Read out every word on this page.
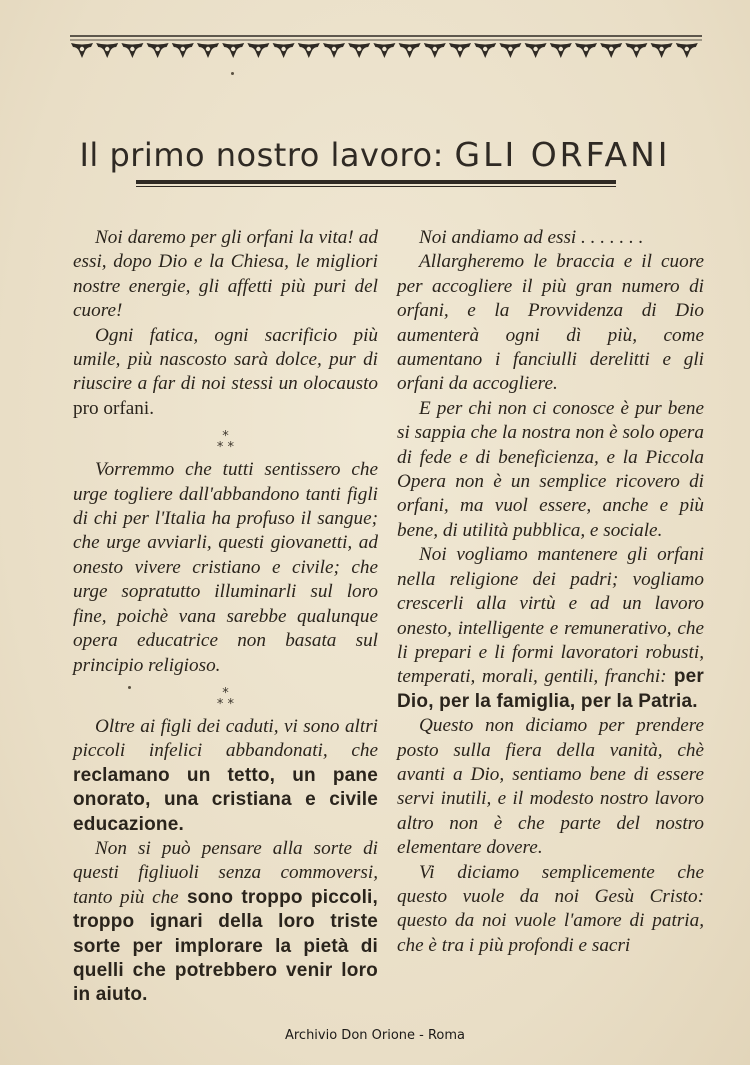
Il primo nostro lavoro: GLI ORFANI

Noi daremo per gli orfani la vita! ad essi, dopo Dio e la Chiesa, le migliori nostre energie, gli affetti più puri del cuore!

Ogni fatica, ogni sacrificio più umile, più nascosto sarà dolce, pur di riuscire a far di noi stessi un olocausto pro orfani.

*
* *

Vorremmo che tutti sentissero che urge togliere dall'abbandono tanti figli di chi per l'Italia ha profuso il sangue; che urge avviarli, questi giovanetti, ad onesto vivere cristiano e civile; che urge sopratutto illuminarli sul loro fine, poichè vana sarebbe qualunque opera educatrice non basata sul principio religioso.

*
* *

Oltre ai figli dei caduti, vi sono altri piccoli infelici abbandonati, che reclamano un tetto, un pane onorato, una cristiana e civile educazione.

Non si può pensare alla sorte di questi figliuoli senza commoversi, tanto più che sono troppo piccoli, troppo ignari della loro triste sorte per implorare la pietà di quelli che potrebbero venir loro in aiuto.

Noi andiamo ad essi . . . . . . .

Allargheremo le braccia e il cuore per accogliere il più gran numero di orfani, e la Provvidenza di Dio aumenterà ogni dì più, come aumentano i fanciulli derelitti e gli orfani da accogliere.

E per chi non ci conosce è pur bene si sappia che la nostra non è solo opera di fede e di beneficienza, e la Piccola Opera non è un semplice ricovero di orfani, ma vuol essere, anche e più bene, di utilità pubblica, e sociale.

Noi vogliamo mantenere gli orfani nella religione dei padri; vogliamo crescerli alla virtù e ad un lavoro onesto, intelligente e remunerativo, che li prepari e li formi lavoratori robusti, temperati, morali, gentili, franchi: per Dio, per la famiglia, per la Patria.

Questo non diciamo per prendere posto sulla fiera della vanità, chè avanti a Dio, sentiamo bene di essere servi inutili, e il modesto nostro lavoro altro non è che parte del nostro elementare dovere.

Vi diciamo semplicemente che questo vuole da noi Gesù Cristo: questo da noi vuole l'amore di patria, che è tra i più profondi e sacri

Archivio Don Orione - Roma
